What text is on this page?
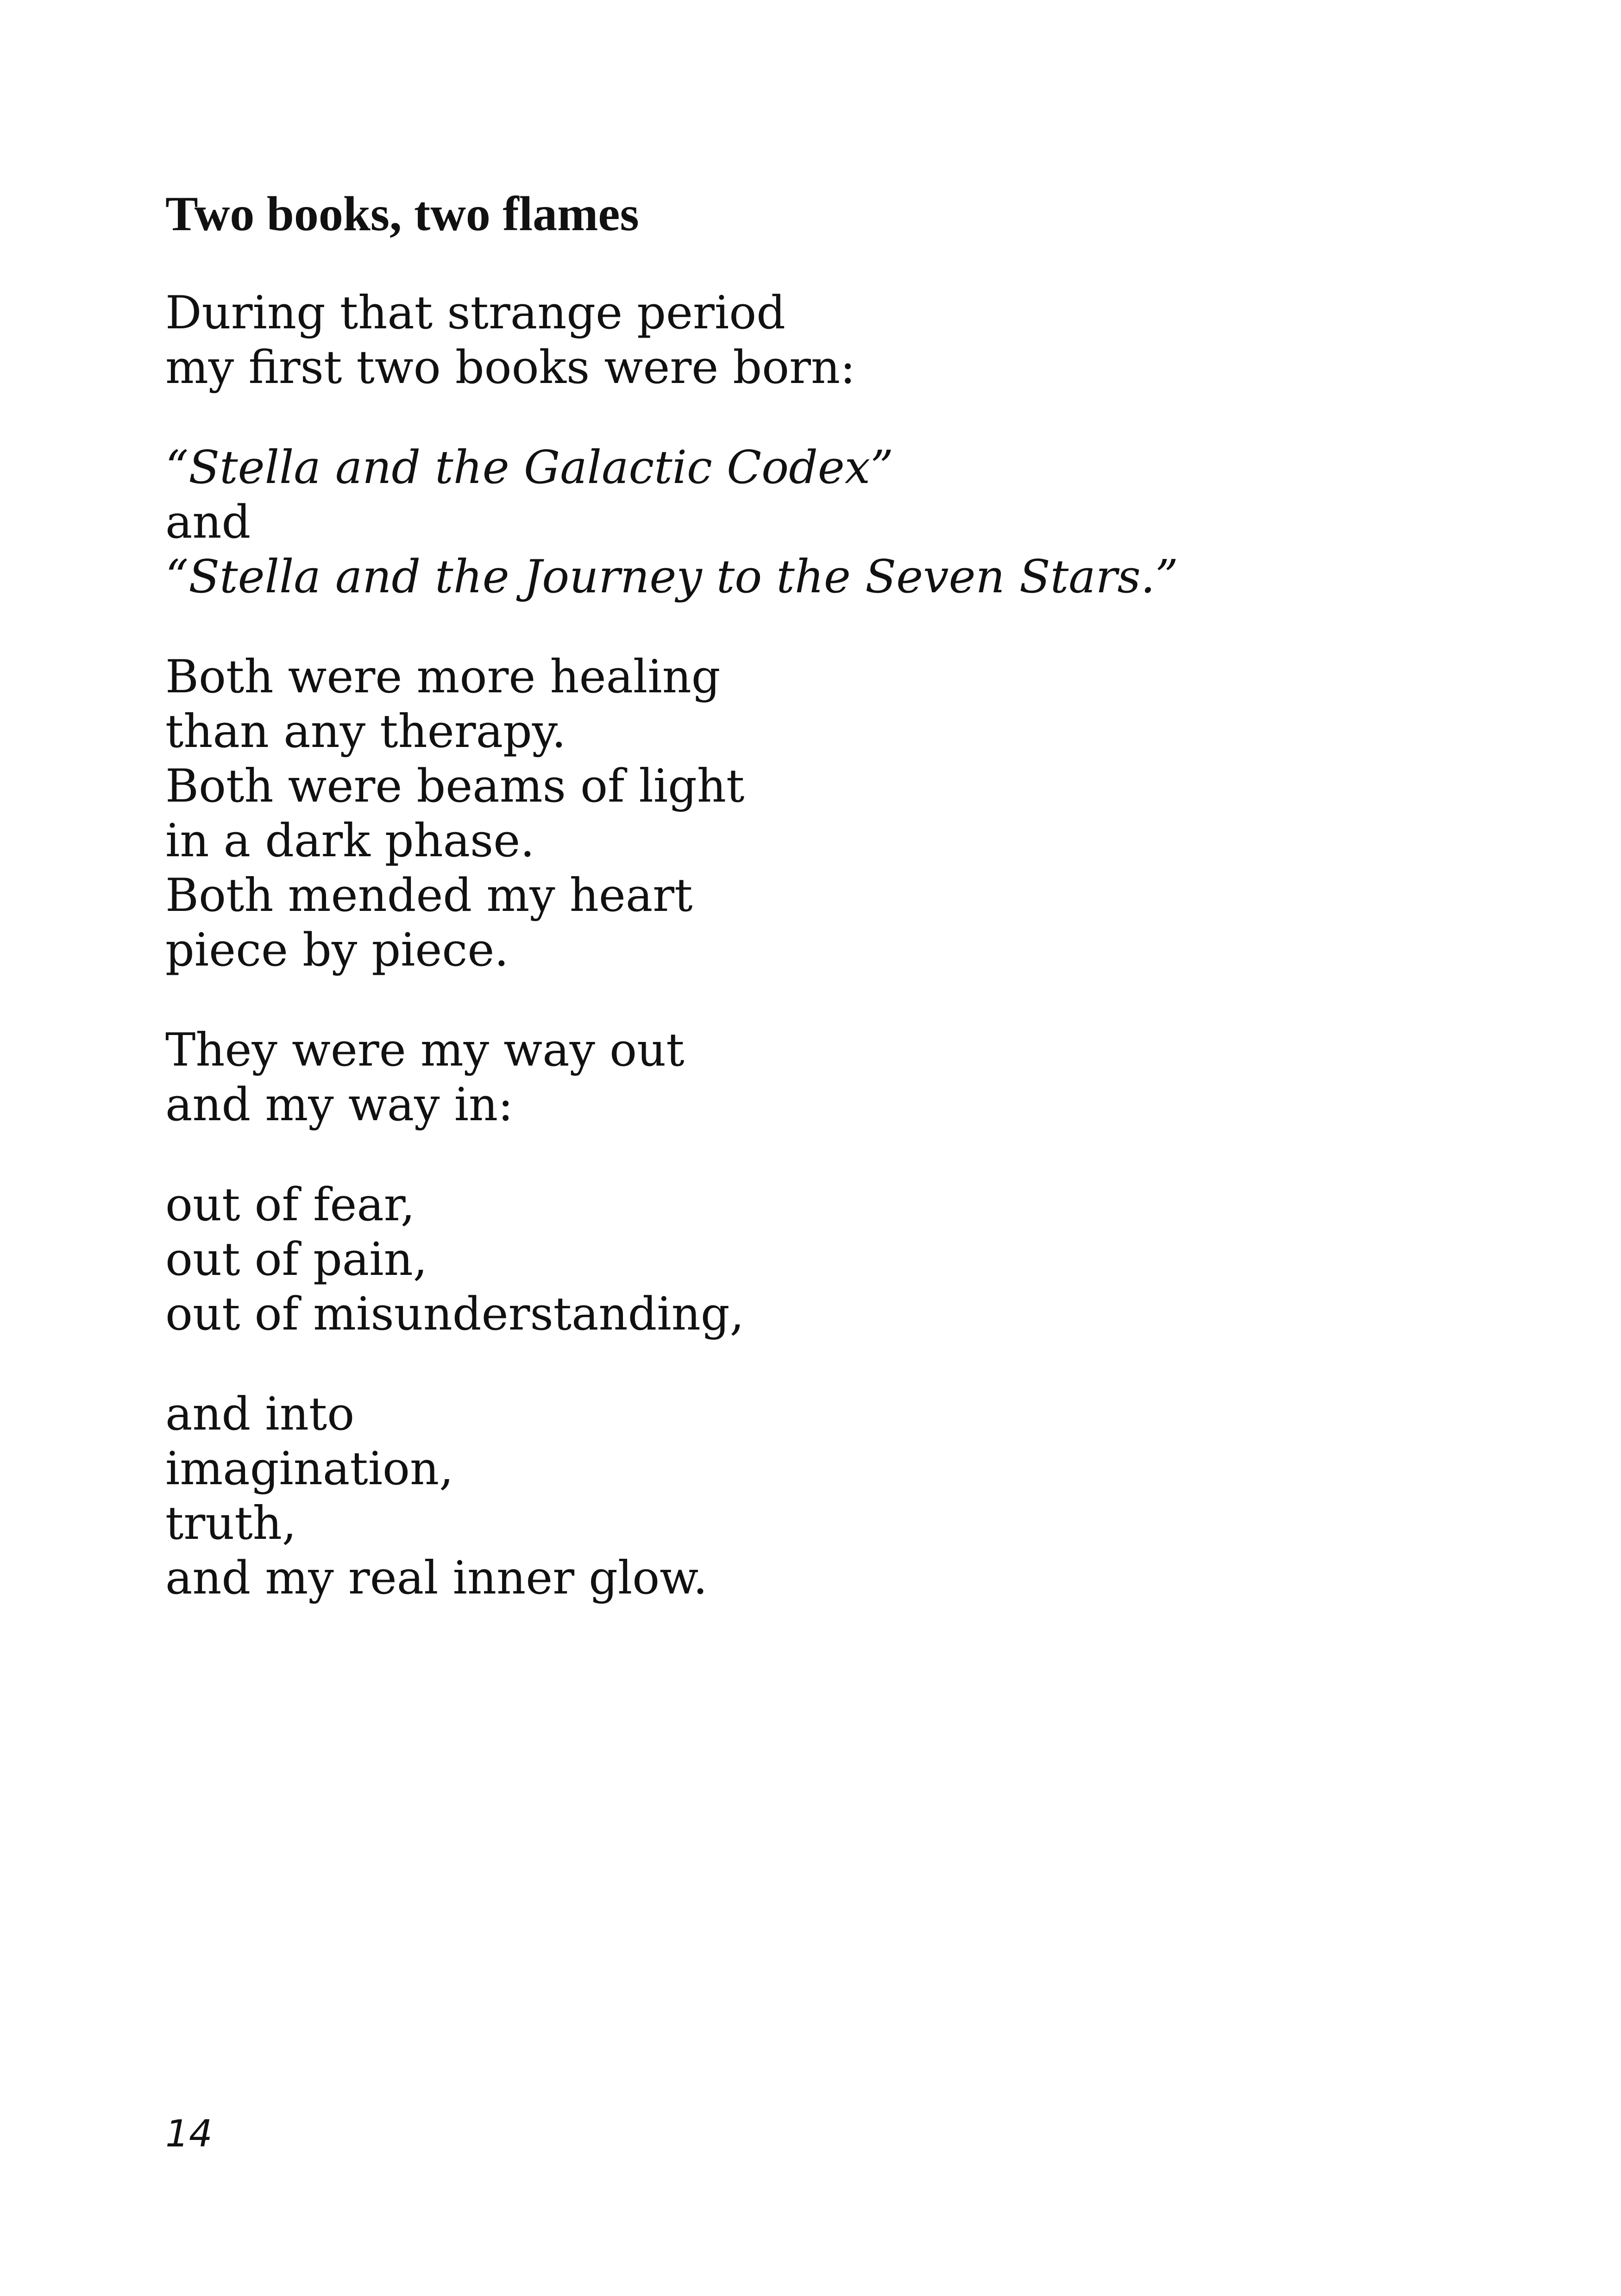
Two books, two flames

During that strange period
my first two books were born:

“Stella and the Galactic Codex”
and
“Stella and the Journey to the Seven Stars.”

Both were more healing
than any therapy.
Both were beams of light
in a dark phase.
Both mended my heart
piece by piece.

They were my way out
and my way in:

out of fear,
out of pain,
out of misunderstanding,

and into
imagination,
truth,
and my real inner glow.

14
